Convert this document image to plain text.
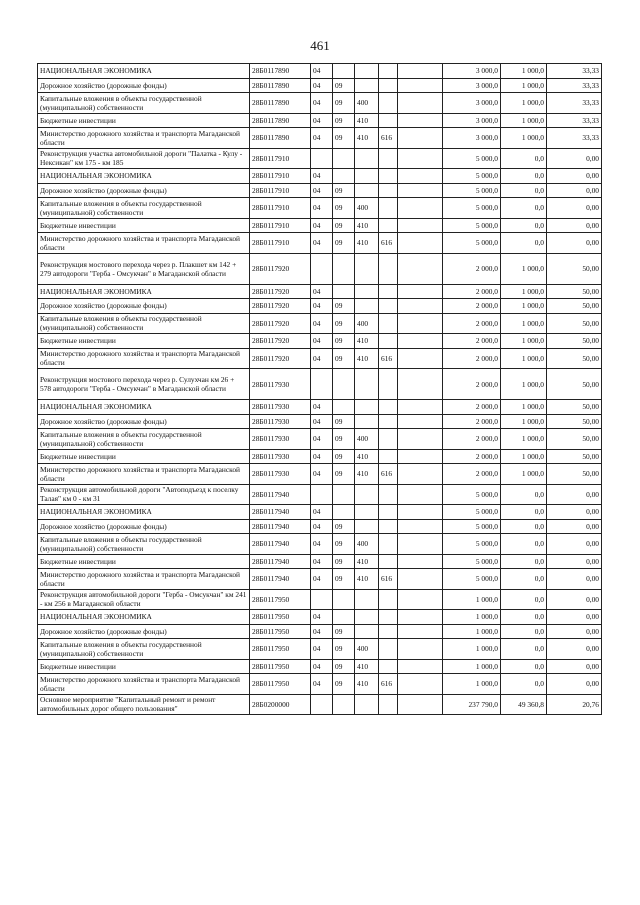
461
НАЦИОНАЛЬНАЯ ЭКОНОМИКА	28Б0117890	04					3 000,0	1 000,0	33,33
Дорожное хозяйство (дорожные фонды)	28Б0117890	04	09				3 000,0	1 000,0	33,33
Капитальные вложения в объекты государственной (муниципальной) собственности	28Б0117890	04	09	400			3 000,0	1 000,0	33,33
Бюджетные инвестиции	28Б0117890	04	09	410			3 000,0	1 000,0	33,33
Министерство дорожного хозяйства и транспорта Магаданской области	28Б0117890	04	09	410	616		3 000,0	1 000,0	33,33
Реконструкция участка автомобильной дороги "Палатка - Кулу - Нексикан" км 175 - км 185	28Б0117910						5 000,0	0,0	0,00
НАЦИОНАЛЬНАЯ ЭКОНОМИКА	28Б0117910	04					5 000,0	0,0	0,00
Дорожное хозяйство (дорожные фонды)	28Б0117910	04	09				5 000,0	0,0	0,00
Капитальные вложения в объекты государственной (муниципальной) собственности	28Б0117910	04	09	400			5 000,0	0,0	0,00
Бюджетные инвестиции	28Б0117910	04	09	410			5 000,0	0,0	0,00
Министерство дорожного хозяйства и транспорта Магаданской области	28Б0117910	04	09	410	616		5 000,0	0,0	0,00
Реконструкция мостового перехода через р. Плакшет км 142 + 279 автодороги "Герба - Омсукчан" в Магаданской области	28Б0117920						2 000,0	1 000,0	50,00
НАЦИОНАЛЬНАЯ ЭКОНОМИКА	28Б0117920	04					2 000,0	1 000,0	50,00
Дорожное хозяйство (дорожные фонды)	28Б0117920	04	09				2 000,0	1 000,0	50,00
Капитальные вложения в объекты государственной (муниципальной) собственности	28Б0117920	04	09	400			2 000,0	1 000,0	50,00
Бюджетные инвестиции	28Б0117920	04	09	410			2 000,0	1 000,0	50,00
Министерство дорожного хозяйства и транспорта Магаданской области	28Б0117920	04	09	410	616		2 000,0	1 000,0	50,00
Реконструкция мостового перехода через р. Сулухчан км 26 + 578 автодороги "Герба - Омсукчан" в Магаданской области	28Б0117930						2 000,0	1 000,0	50,00
НАЦИОНАЛЬНАЯ ЭКОНОМИКА	28Б0117930	04					2 000,0	1 000,0	50,00
Дорожное хозяйство (дорожные фонды)	28Б0117930	04	09				2 000,0	1 000,0	50,00
Капитальные вложения в объекты государственной (муниципальной) собственности	28Б0117930	04	09	400			2 000,0	1 000,0	50,00
Бюджетные инвестиции	28Б0117930	04	09	410			2 000,0	1 000,0	50,00
Министерство дорожного хозяйства и транспорта Магаданской области	28Б0117930	04	09	410	616		2 000,0	1 000,0	50,00
Реконструкция автомобильной дороги "Автоподъезд к поселку Талая" км 0 - км 31	28Б0117940						5 000,0	0,0	0,00
НАЦИОНАЛЬНАЯ ЭКОНОМИКА	28Б0117940	04					5 000,0	0,0	0,00
Дорожное хозяйство (дорожные фонды)	28Б0117940	04	09				5 000,0	0,0	0,00
Капитальные вложения в объекты государственной (муниципальной) собственности	28Б0117940	04	09	400			5 000,0	0,0	0,00
Бюджетные инвестиции	28Б0117940	04	09	410			5 000,0	0,0	0,00
Министерство дорожного хозяйства и транспорта Магаданской области	28Б0117940	04	09	410	616		5 000,0	0,0	0,00
Реконструкция автомобильной дороги "Герба - Омсукчан" км 241 - км 256 в Магаданской области	28Б0117950						1 000,0	0,0	0,00
НАЦИОНАЛЬНАЯ ЭКОНОМИКА	28Б0117950	04					1 000,0	0,0	0,00
Дорожное хозяйство (дорожные фонды)	28Б0117950	04	09				1 000,0	0,0	0,00
Капитальные вложения в объекты государственной (муниципальной) собственности	28Б0117950	04	09	400			1 000,0	0,0	0,00
Бюджетные инвестиции	28Б0117950	04	09	410			1 000,0	0,0	0,00
Министерство дорожного хозяйства и транспорта Магаданской области	28Б0117950	04	09	410	616		1 000,0	0,0	0,00
Основное мероприятие "Капитальный ремонт и ремонт автомобильных дорог общего пользования"	28Б0200000						237 790,0	49 360,8	20,76
